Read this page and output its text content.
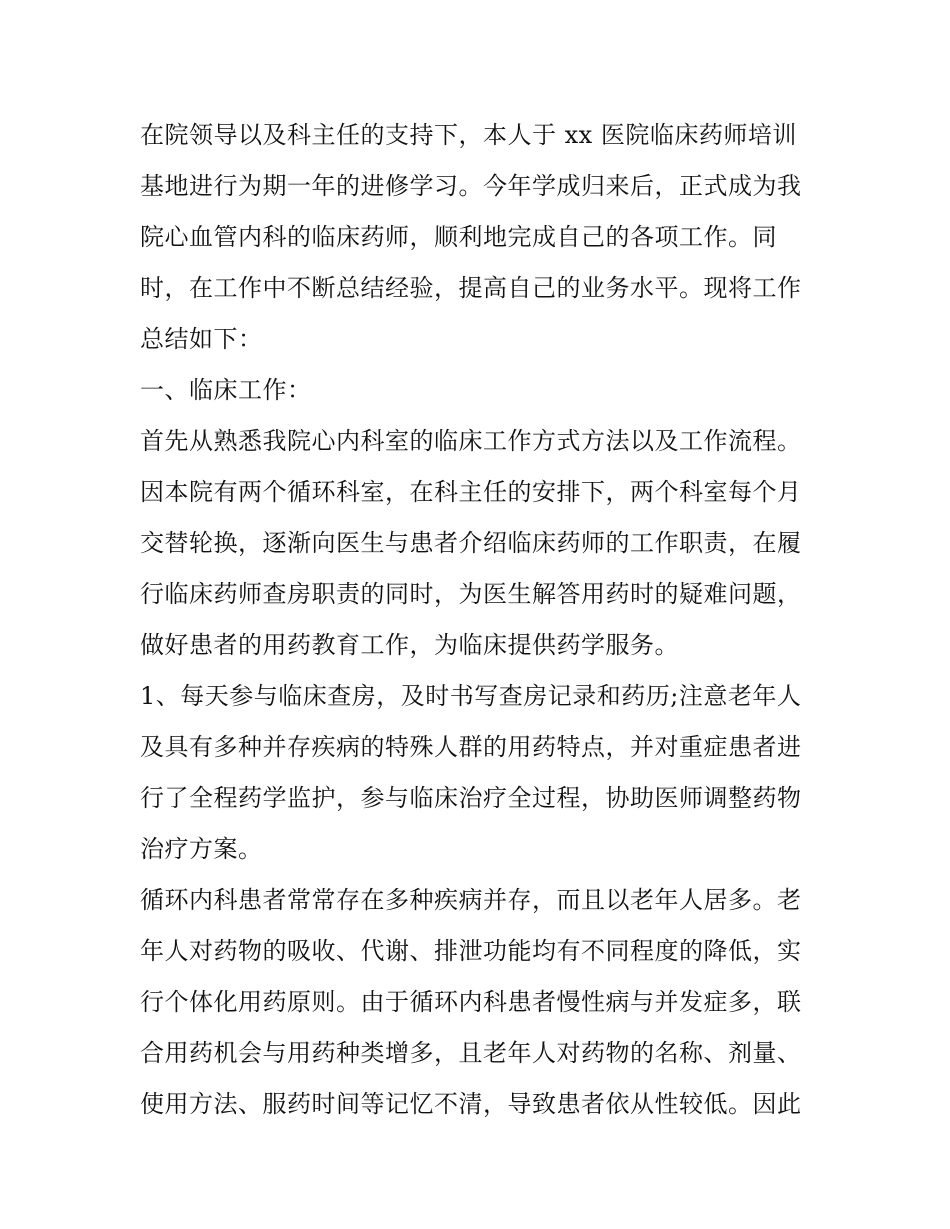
在院领导以及科主任的支持下，本人于 xx 医院临床药师培训
基地进行为期一年的进修学习。今年学成归来后，正式成为我
院心血管内科的临床药师，顺利地完成自己的各项工作。同
时，在工作中不断总结经验，提高自己的业务水平。现将工作
总结如下：
一、临床工作：
首先从熟悉我院心内科室的临床工作方式方法以及工作流程。
因本院有两个循环科室，在科主任的安排下，两个科室每个月
交替轮换，逐渐向医生与患者介绍临床药师的工作职责，在履
行临床药师查房职责的同时，为医生解答用药时的疑难问题，
做好患者的用药教育工作，为临床提供药学服务。
1、每天参与临床查房，及时书写查房记录和药历;注意老年人
及具有多种并存疾病的特殊人群的用药特点，并对重症患者进
行了全程药学监护，参与临床治疗全过程，协助医师调整药物
治疗方案。
循环内科患者常常存在多种疾病并存，而且以老年人居多。老
年人对药物的吸收、代谢、排泄功能均有不同程度的降低，实
行个体化用药原则。由于循环内科患者慢性病与并发症多，联
合用药机会与用药种类增多，且老年人对药物的名称、剂量、
使用方法、服药时间等记忆不清，导致患者依从性较低。因此
